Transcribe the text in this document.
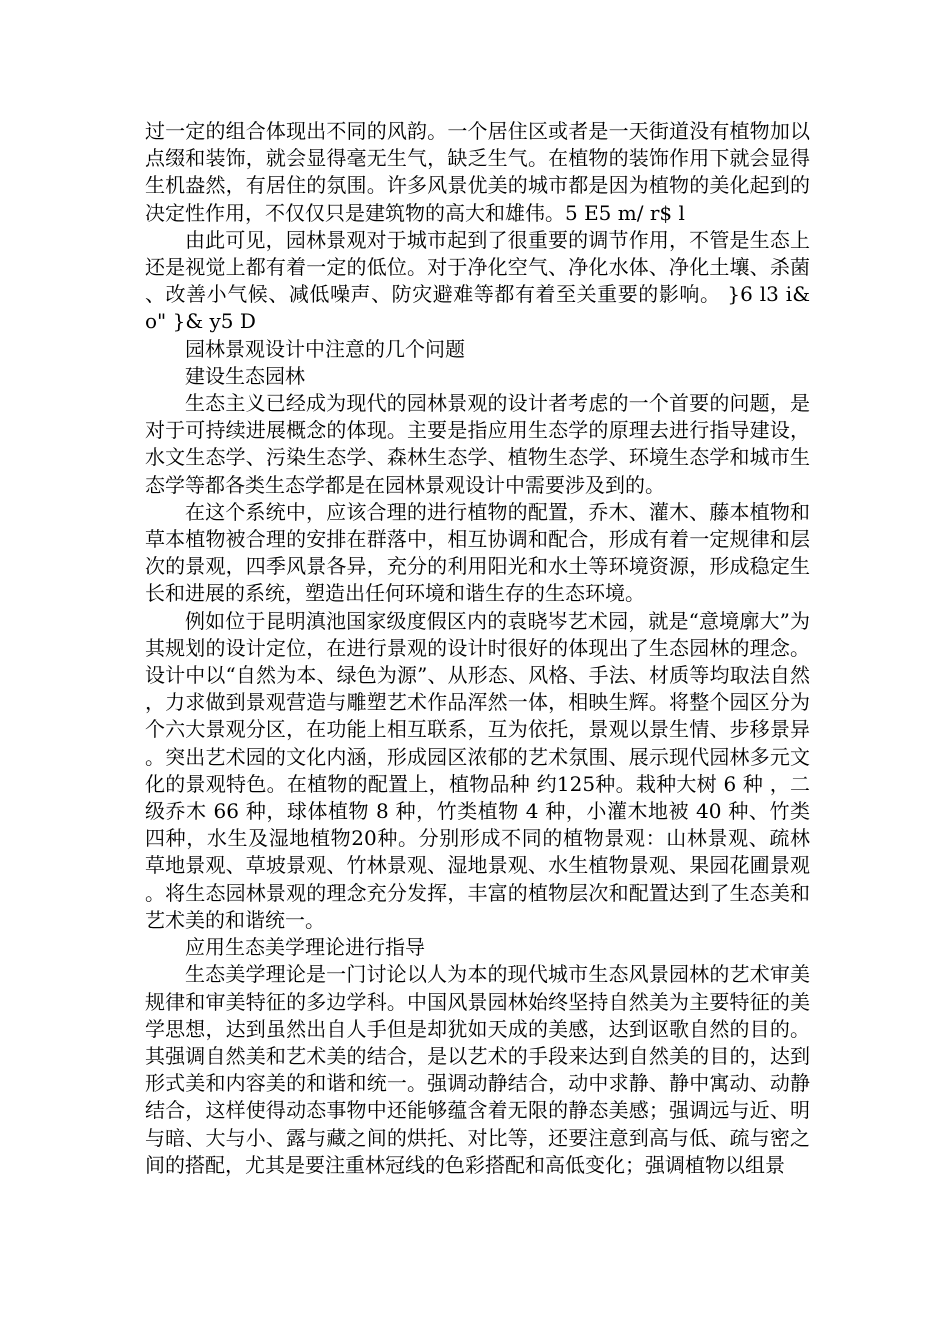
过一定的组合体现出不同的风韵。一个居住区或者是一天街道没有植物加以点缀和装饰，就会显得毫无生气，缺乏生气。在植物的装饰作用下就会显得生机盎然，有居住的氛围。许多风景优美的城市都是因为植物的美化起到的决定性作用，不仅仅只是建筑物的高大和雄伟。5 E5 m/ r$ l

由此可见，园林景观对于城市起到了很重要的调节作用，不管是生态上还是视觉上都有着一定的低位。对于净化空气、净化水体、净化土壤、杀菌、改善小气候、减低噪声、防灾避难等都有着至关重要的影响。 }6 l3 i& o" }& y5 D

园林景观设计中注意的几个问题

建设生态园林

生态主义已经成为现代的园林景观的设计者考虑的一个首要的问题，是对于可持续进展概念的体现。主要是指应用生态学的原理去进行指导建设，水文生态学、污染生态学、森林生态学、植物生态学、环境生态学和城市生态学等都各类生态学都是在园林景观设计中需要涉及到的。

在这个系统中，应该合理的进行植物的配置，乔木、灌木、藤本植物和草本植物被合理的安排在群落中，相互协调和配合，形成有着一定规律和层次的景观，四季风景各异，充分的利用阳光和水土等环境资源，形成稳定生长和进展的系统，塑造出任何环境和谐生存的生态环境。

例如位于昆明滇池国家级度假区内的袁晓岑艺术园，就是“意境廓大”为其规划的设计定位，在进行景观的设计时很好的体现出了生态园林的理念。设计中以“自然为本、绿色为源”、从形态、风格、手法、材质等均取法自然，力求做到景观营造与雕塑艺术作品浑然一体，相映生辉。将整个园区分为个六大景观分区，在功能上相互联系，互为依托，景观以景生情、步移景异。突出艺术园的文化内涵，形成园区浓郁的艺术氛围、展示现代园林多元文化的景观特色。在植物的配置上，植物品种 约125种。栽种大树 6 种 ，二级乔木 66 种，球体植物 8 种，竹类植物 4 种，小灌木地被 40 种、竹类四种，水生及湿地植物20种。分别形成不同的植物景观：山林景观、疏林草地景观、草坡景观、竹林景观、湿地景观、水生植物景观、果园花圃景观。将生态园林景观的理念充分发挥，丰富的植物层次和配置达到了生态美和艺术美的和谐统一。

应用生态美学理论进行指导

生态美学理论是一门讨论以人为本的现代城市生态风景园林的艺术审美规律和审美特征的多边学科。中国风景园林始终坚持自然美为主要特征的美学思想，达到虽然出自人手但是却犹如天成的美感，达到讴歌自然的目的。其强调自然美和艺术美的结合，是以艺术的手段来达到自然美的目的，达到形式美和内容美的和谐和统一。强调动静结合，动中求静、静中寓动、动静结合，这样使得动态事物中还能够蕴含着无限的静态美感；强调远与近、明与暗、大与小、露与藏之间的烘托、对比等，还要注意到高与低、疏与密之间的搭配，尤其是要注重林冠线的色彩搭配和高低变化；强调植物以组景
